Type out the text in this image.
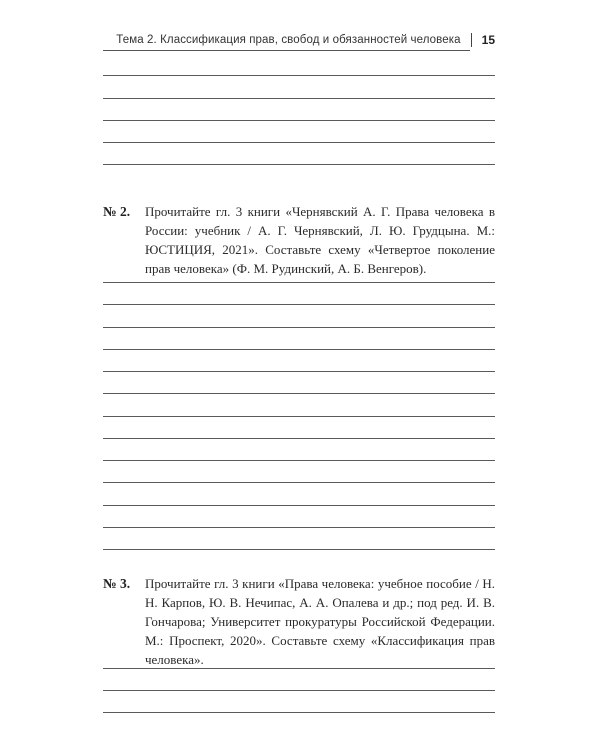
Тема 2. Классификация прав, свобод и обязанностей человека 15
№ 2. Прочитайте гл. 3 книги «Чернявский А. Г. Права человека в России: учебник / А. Г. Чернявский, Л. Ю. Грудцына. М.: ЮСТИЦИЯ, 2021». Составьте схему «Четвертое поколение прав человека» (Ф. М. Рудинский, А. Б. Венгеров).
№ 3. Прочитайте гл. 3 книги «Права человека: учебное пособие / Н. Н. Карпов, Ю. В. Нечипас, А. А. Опалева и др.; под ред. И. В. Гончарова; Университет прокуратуры Российской Федерации. М.: Проспект, 2020». Составьте схему «Классификация прав человека».
